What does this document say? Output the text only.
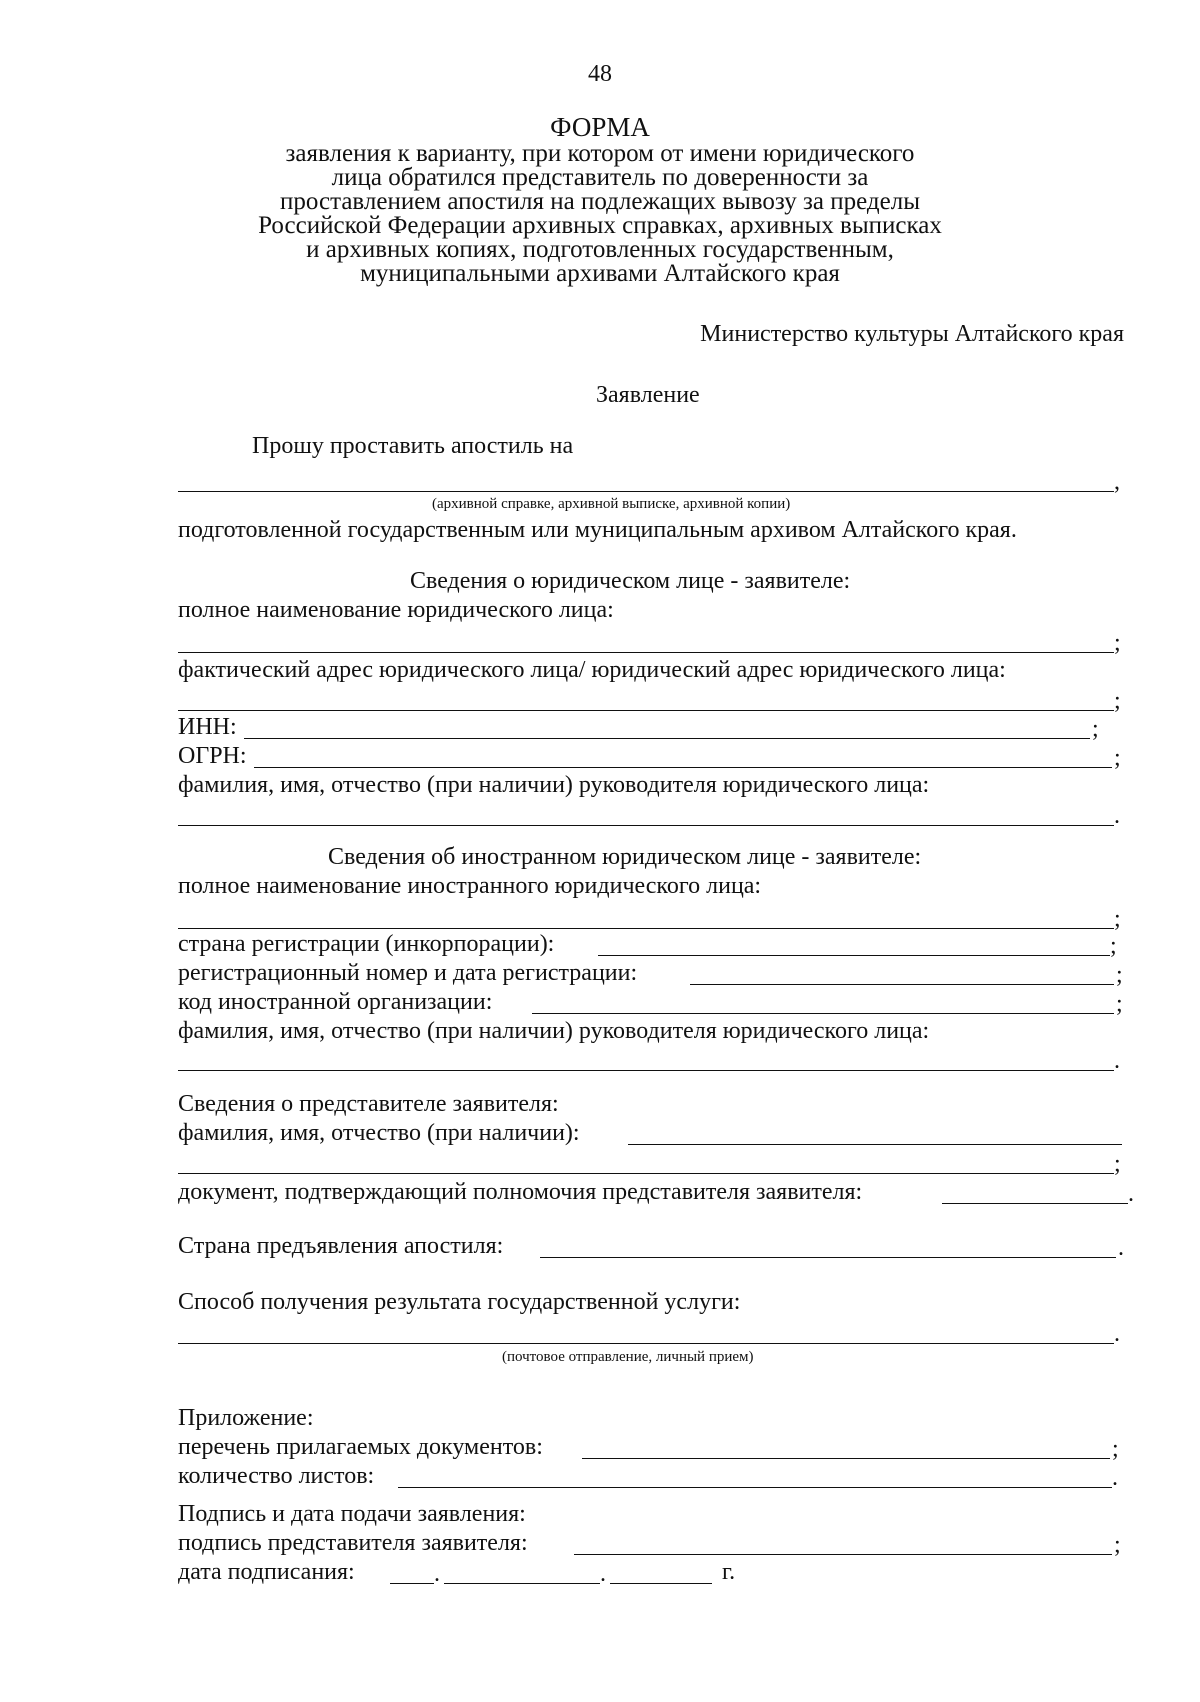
48
ФОРМА
заявления к варианту, при котором от имени юридического
лица обратился представитель по доверенности за
проставлением апостиля на подлежащих вывозу за пределы
Российской Федерации архивных справках, архивных выписках
и архивных копиях, подготовленных государственным,
муниципальными архивами Алтайского края
Министерство культуры Алтайского края
Заявление
Прошу проставить апостиль на
,
(архивной справке, архивной выписке, архивной копии)
подготовленной государственным или муниципальным архивом Алтайского края.
Сведения о юридическом лице - заявителе:
полное наименование юридического лица:
;
фактический адрес юридического лица/ юридический адрес юридического лица:
;
ИНН:	;
ОГРН:	;
фамилия, имя, отчество (при наличии) руководителя юридического лица:
.
Сведения об иностранном юридическом лице - заявителе:
полное наименование иностранного юридического лица:
;
страна регистрации (инкорпорации):	;
регистрационный номер и дата регистрации:	;
код иностранной организации:	;
фамилия, имя, отчество (при наличии) руководителя юридического лица:
.
Сведения о представителе заявителя:
фамилия, имя, отчество (при наличии):
;
документ, подтверждающий полномочия представителя заявителя:	.
Страна предъявления апостиля:	.
Способ получения результата государственной услуги:
.
(почтовое отправление, личный прием)
Приложение:
перечень прилагаемых документов:	;
количество листов:	.
Подпись и дата подачи заявления:
подпись представителя заявителя:	;
дата подписания:	.	.	г.
